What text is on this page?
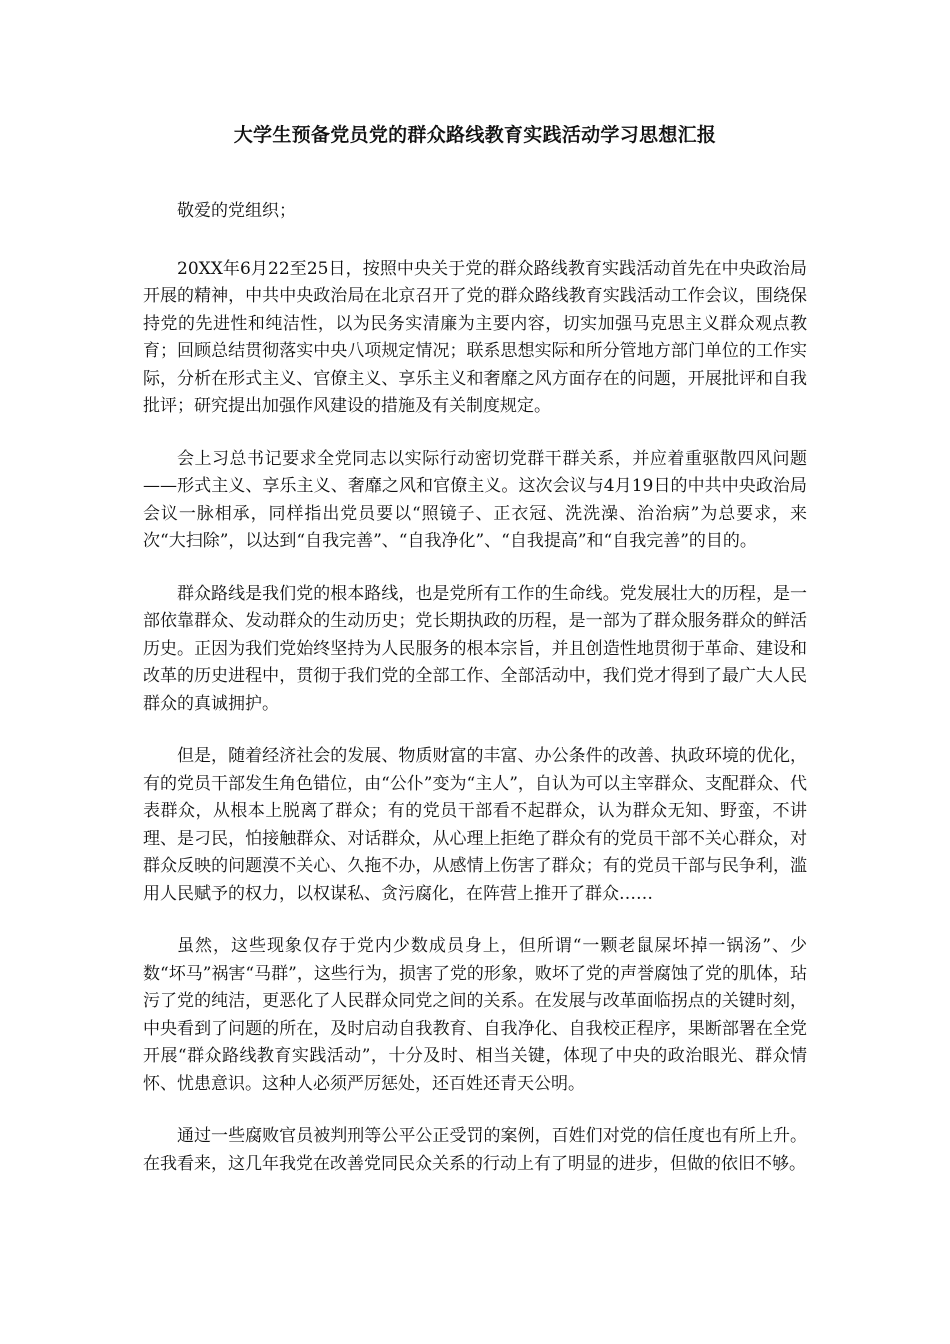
大学生预备党员党的群众路线教育实践活动学习思想汇报

敬爱的党组织；

20XX年6月22至25日，按照中央关于党的群众路线教育实践活动首先在中央政治局开展的精神，中共中央政治局在北京召开了党的群众路线教育实践活动工作会议，围绕保持党的先进性和纯洁性，以为民务实清廉为主要内容，切实加强马克思主义群众观点教育；回顾总结贯彻落实中央八项规定情况；联系思想实际和所分管地方部门单位的工作实际，分析在形式主义、官僚主义、享乐主义和奢靡之风方面存在的问题，开展批评和自我批评；研究提出加强作风建设的措施及有关制度规定。

会上习总书记要求全党同志以实际行动密切党群干群关系，并应着重驱散四风问题——形式主义、享乐主义、奢靡之风和官僚主义。这次会议与4月19日的中共中央政治局会议一脉相承，同样指出党员要以“照镜子、正衣冠、洗洗澡、治治病”为总要求，来次“大扫除”，以达到“自我完善”、“自我净化”、“自我提高”和“自我完善”的目的。

群众路线是我们党的根本路线，也是党所有工作的生命线。党发展壮大的历程，是一部依靠群众、发动群众的生动历史；党长期执政的历程，是一部为了群众服务群众的鲜活历史。正因为我们党始终坚持为人民服务的根本宗旨，并且创造性地贯彻于革命、建设和改革的历史进程中，贯彻于我们党的全部工作、全部活动中，我们党才得到了最广大人民群众的真诚拥护。

但是，随着经济社会的发展、物质财富的丰富、办公条件的改善、执政环境的优化，有的党员干部发生角色错位，由“公仆”变为“主人”，自认为可以主宰群众、支配群众、代表群众，从根本上脱离了群众；有的党员干部看不起群众，认为群众无知、野蛮，不讲理、是刁民，怕接触群众、对话群众，从心理上拒绝了群众有的党员干部不关心群众，对群众反映的问题漠不关心、久拖不办，从感情上伤害了群众；有的党员干部与民争利，滥用人民赋予的权力，以权谋私、贪污腐化，在阵营上推开了群众……

虽然，这些现象仅存于党内少数成员身上，但所谓“一颗老鼠屎坏掉一锅汤”、少数“坏马”祸害“马群”，这些行为，损害了党的形象，败坏了党的声誉腐蚀了党的肌体，玷污了党的纯洁，更恶化了人民群众同党之间的关系。在发展与改革面临拐点的关键时刻，中央看到了问题的所在，及时启动自我教育、自我净化、自我校正程序，果断部署在全党开展“群众路线教育实践活动”，十分及时、相当关键，体现了中央的政治眼光、群众情怀、忧患意识。这种人必须严厉惩处，还百姓还青天公明。

通过一些腐败官员被判刑等公平公正受罚的案例，百姓们对党的信任度也有所上升。在我看来，这几年我党在改善党同民众关系的行动上有了明显的进步，但做的依旧不够。
